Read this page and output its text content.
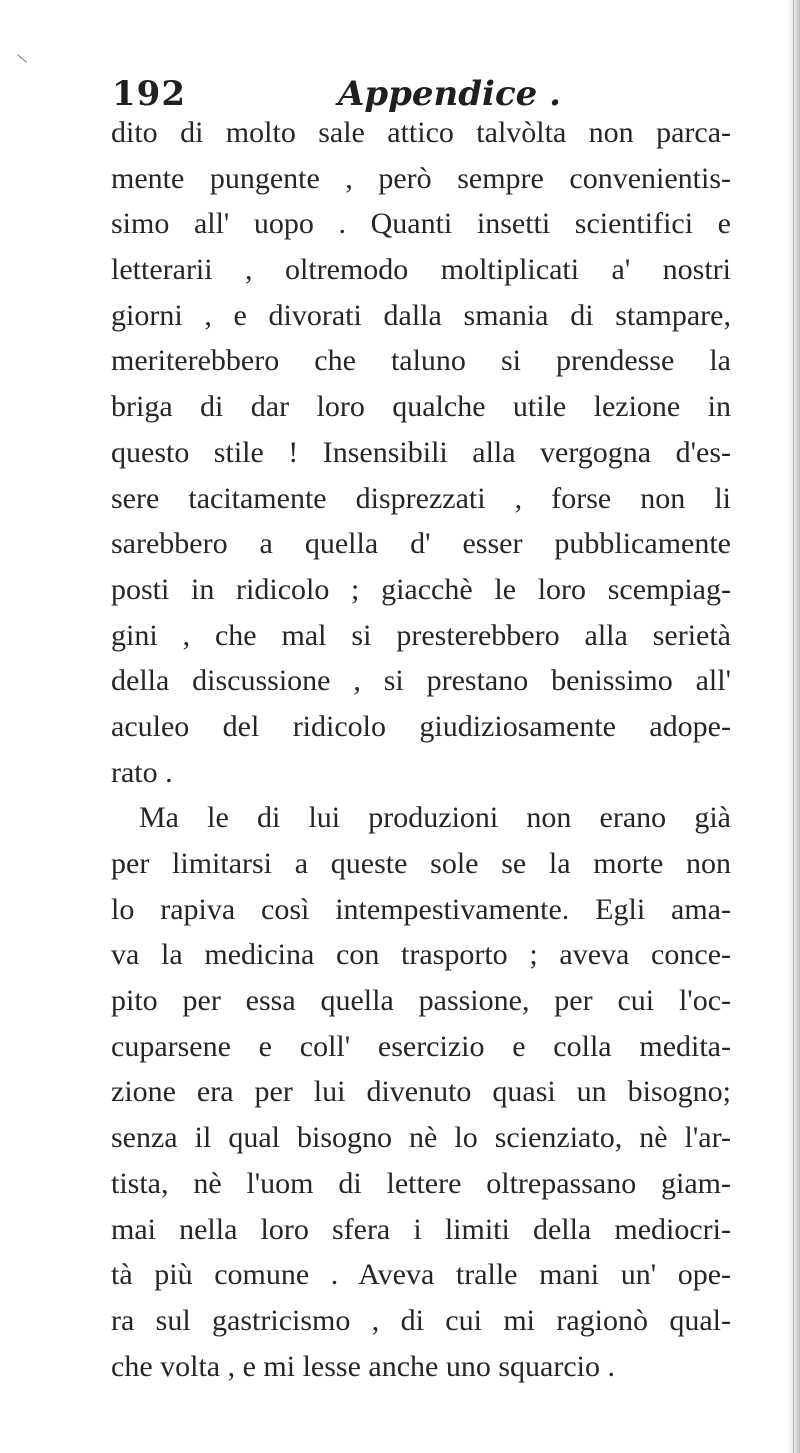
192	Appendice .
dito di molto sale attico talvòlta non parca-
mente pungente , però sempre convenientis-
simo all' uopo . Quanti insetti scientifici e
letterarii , oltremodo moltiplicati a' nostri
giorni , e divorati dalla smania di stampare,
meriterebbero che taluno si prendesse la
briga di dar loro qualche utile lezione in
questo stile ! Insensibili alla vergogna d'es-
sere tacitamente disprezzati , forse non li
sarebbero a quella d' esser pubblicamente
posti in ridicolo ; giacchè le loro scempiag-
gini , che mal si presterebbero alla serietà
della discussione , si prestano benissimo all'
aculeo del ridicolo giudiziosamente adope-
rato .
Ma le di lui produzioni non erano già
per limitarsi a queste sole se la morte non
lo rapiva così intempestivamente. Egli ama-
va la medicina con trasporto ; aveva conce-
pito per essa quella passione, per cui l'oc-
cuparsene e coll' esercizio e colla medita-
zione era per lui divenuto quasi un bisogno;
senza il qual bisogno nè lo scienziato, nè l'ar-
tista, nè l'uom di lettere oltrepassano giam-
mai nella loro sfera i limiti della mediocri-
tà più comune . Aveva tralle mani un' ope-
ra sul gastricismo , di cui mi ragionò qual-
che volta , e mi lesse anche uno squarcio .
